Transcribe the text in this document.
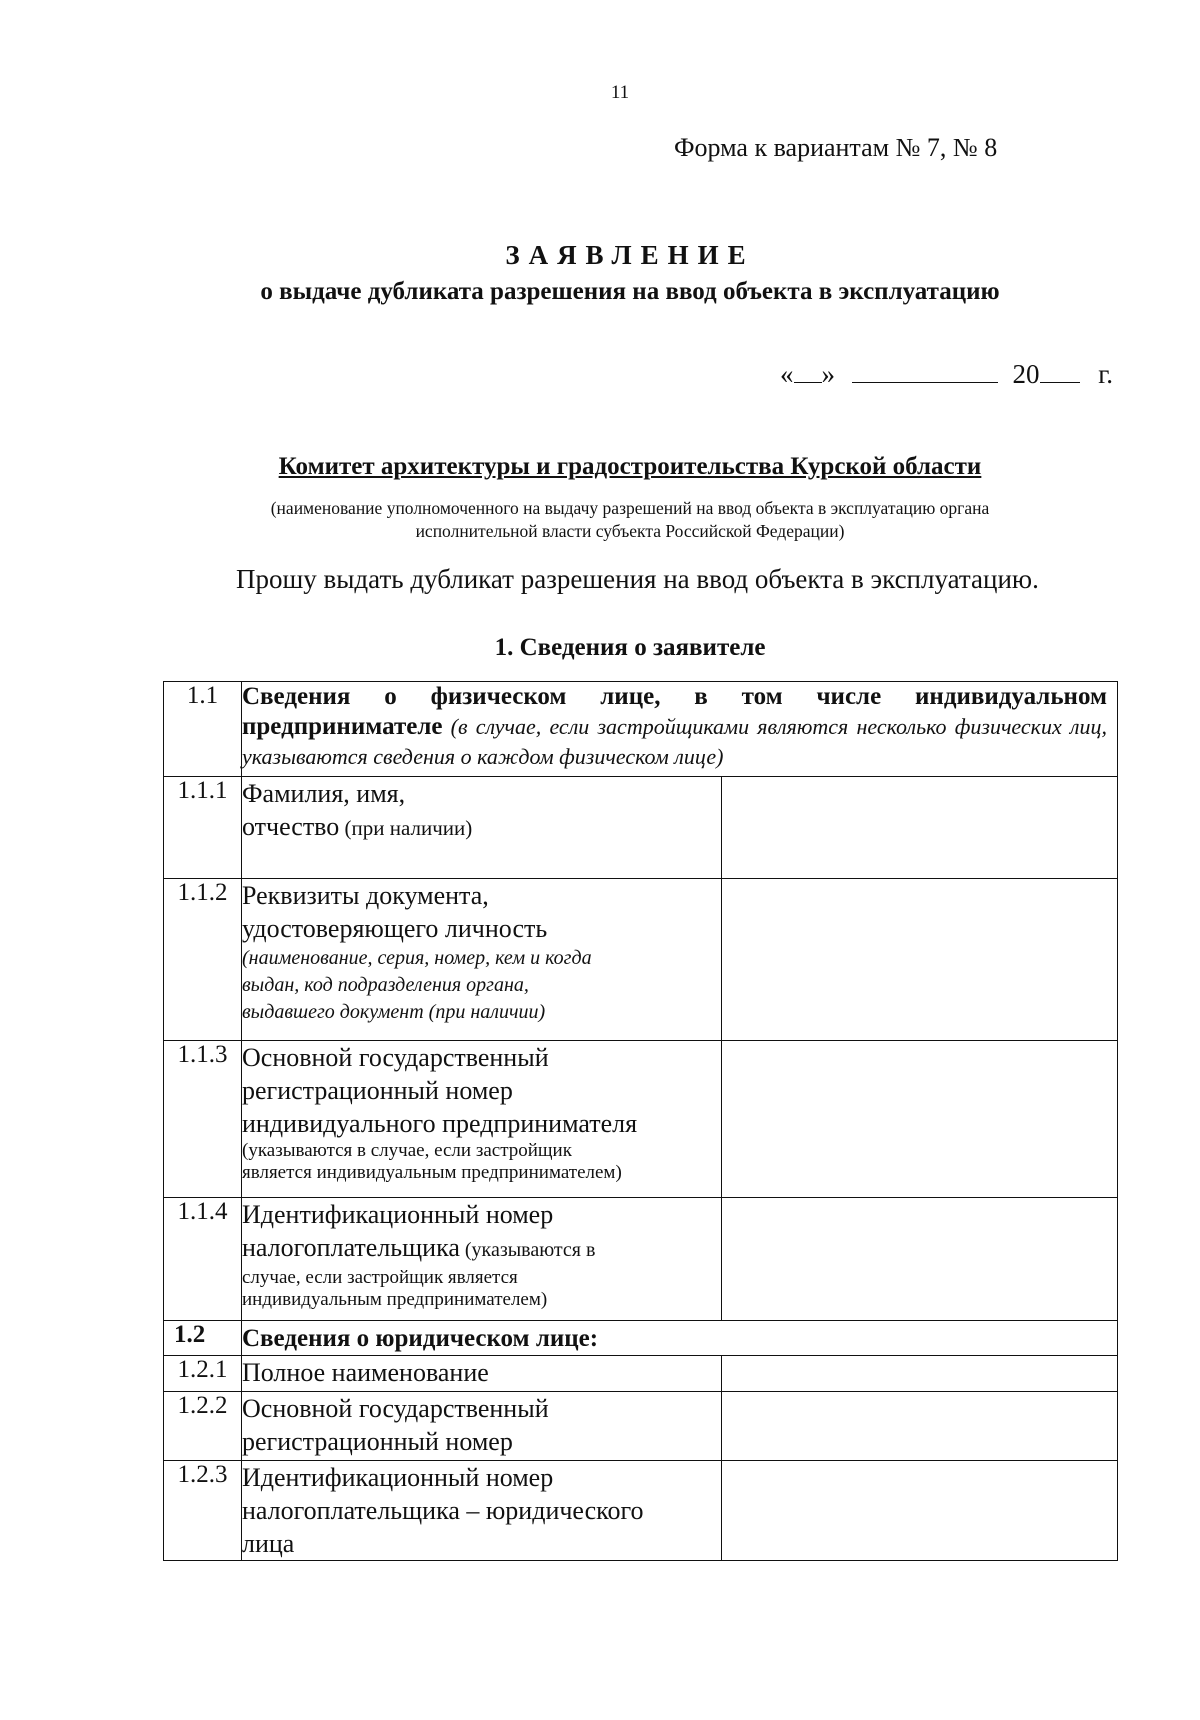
11
Форма к вариантам № 7, № 8
ЗАЯВЛЕНИЕ
о выдаче дубликата разрешения на ввод объекта в эксплуатацию
« »	20 г.
Комитет архитектуры и градостроительства Курской области
(наименование уполномоченного на выдачу разрешений на ввод объекта в эксплуатацию органа
исполнительной власти субъекта Российской Федерации)
Прошу выдать дубликат разрешения на ввод объекта в эксплуатацию.
1. Сведения о заявителе
1.1	Сведения о физическом лице, в том числе индивидуальном
предпринимателе (в случае, если застройщиками являются несколько физических лиц, указываются сведения о каждом физическом лице)	

1.1.1	Фамилия, имя,
отчество (при наличии)	

1.1.2	Реквизиты документа,
удостоверяющего личность
(наименование, серия, номер, кем и когда
выдан, код подразделения органа,
выдавшего документ (при наличии)	

1.1.3	Основной государственный
регистрационный номер
индивидуального предпринимателя
(указываются в случае, если застройщик
является индивидуальным предпринимателем)	

1.1.4	Идентификационный номер
налогоплательщика (указываются в
случае, если застройщик является
индивидуальным предпринимателем)	

1.2	Сведения о юридическом лице:	
1.2.1	Полное наименование	
1.2.2	Основной государственный
регистрационный номер	

1.2.3	Идентификационный номер
налогоплательщика – юридического
лица	
